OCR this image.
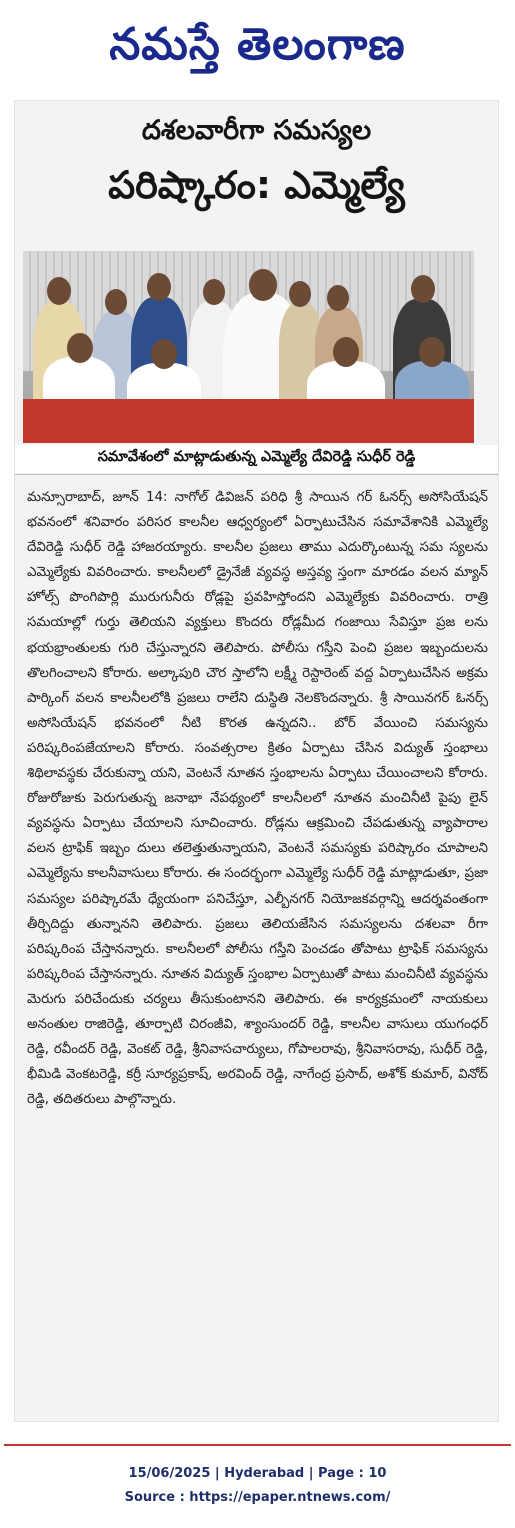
నమస్తే తెలంగాణ
దశలవారీగా సమస్యల
పరిష్కారం: ఎమ్మెల్యే
సమావేశంలో మాట్లాడుతున్న ఎమ్మెల్యే దేవిరెడ్డి సుధీర్ రెడ్డి
మన్సూరాబాద్, జూన్ 14: నాగోల్ డివిజన్ పరిధి శ్రీ సాయిన గర్ ఓనర్స్ అసోసియేషన్ భవనంలో శనివారం పరిసర కాలనీల ఆధ్వర్యంలో ఏర్పాటుచేసిన సమావేశానికి ఎమ్మెల్యే దేవిరెడ్డి సుధీర్ రెడ్డి హాజరయ్యారు. కాలనీల ప్రజలు తాము ఎదుర్కొంటున్న సమ స్యలను ఎమ్మెల్యేకు వివరించారు. కాలనీలలో డ్రైనేజీ వ్యవస్థ అస్తవ్య స్తంగా మారడం వలన మ్యాన్ హోల్స్ పొంగిపొర్లి మురుగునీరు రోడ్లపై ప్రవహిస్తోందని ఎమ్మెల్యేకు వివరించారు. రాత్రి సమయాల్లో గుర్తు తెలియని వ్యక్తులు కొందరు రోడ్లమీద గంజాయి సేవిస్తూ ప్రజ లను భయభ్రాంతులకు గురి చేస్తున్నారని తెలిపారు. పోలీసు గస్తీని పెంచి ప్రజల ఇబ్బందులను తొలగించాలని కోరారు. అల్కాపురి చౌర స్తాలోని లక్ష్మీ రెస్టారెంట్ వద్ద ఏర్పాటుచేసిన అక్రమ పార్కింగ్ వలన కాలనీలలోకి ప్రజలు రాలేని దుస్థితి నెలకొందన్నారు. శ్రీ సాయినగర్ ఓనర్స్ అసోసియేషన్ భవనంలో నీటి కొరత ఉన్నదని.. బోర్ వేయించి సమస్యను పరిష్కరింపజేయాలని కోరారు. సంవత్సరాల క్రితం ఏర్పాటు చేసిన విద్యుత్ స్తంభాలు శిథిలావస్థకు చేరుకున్నా యని, వెంటనే నూతన స్తంభాలను ఏర్పాటు చేయించాలని కోరారు. రోజురోజుకు పెరుగుతున్న జనాభా నేపథ్యంలో కాలనీలలో నూతన మంచినీటి పైపు లైన్ వ్యవస్థను ఏర్పాటు చేయాలని సూచించారు. రోడ్లను ఆక్రమించి చేపడుతున్న వ్యాపారాల వలన ట్రాఫిక్ ఇబ్బం దులు తలెత్తుతున్నాయని, వెంటనే సమస్యకు పరిష్కారం చూపాలని ఎమ్మెల్యేను కాలనీవాసులు కోరారు. ఈ సందర్భంగా ఎమ్మెల్యే సుధీర్ రెడ్డి మాట్లాడుతూ, ప్రజా సమస్యల పరిష్కారమే ధ్యేయంగా పనిచేస్తూ, ఎల్బీనగర్ నియోజకవర్గాన్ని ఆదర్శవంతంగా తీర్చిదిద్దు తున్నానని తెలిపారు. ప్రజలు తెలియజేసిన సమస్యలను దశలవా రీగా పరిష్కరింప చేస్తానన్నారు. కాలనీలలో పోలీసు గస్తీని పెంచడం తోపాటు ట్రాఫిక్ సమస్యను పరిష్కరింప చేస్తానన్నారు. నూతన విద్యుత్ స్తంభాల ఏర్పాటుతో పాటు మంచినీటి వ్యవస్థను మెరుగు పరిచేందుకు చర్యలు తీసుకుంటానని తెలిపారు. ఈ కార్యక్రమంలో నాయకులు అనంతుల రాజిరెడ్డి, తూర్పాటి చిరంజీవి, శ్యాంసుందర్ రెడ్డి, కాలనీల వాసులు యుగంధర్ రెడ్డి, రవీందర్ రెడ్డి, వెంకట్ రెడ్డి, శ్రీనివాసచార్యులు, గోపాలరావు, శ్రీనివాసరావు, సుధీర్ రెడ్డి, భీమిడి వెంకటరెడ్డి, కర్రీ సూర్యప్రకాష్, అరవింద్ రెడ్డి, నాగేంద్ర ప్రసాద్, అశోక్ కుమార్, వినోద్ రెడ్డి, తదితరులు పాల్గొన్నారు.
15/06/2025 | Hyderabad | Page : 10
Source : https://epaper.ntnews.com/
